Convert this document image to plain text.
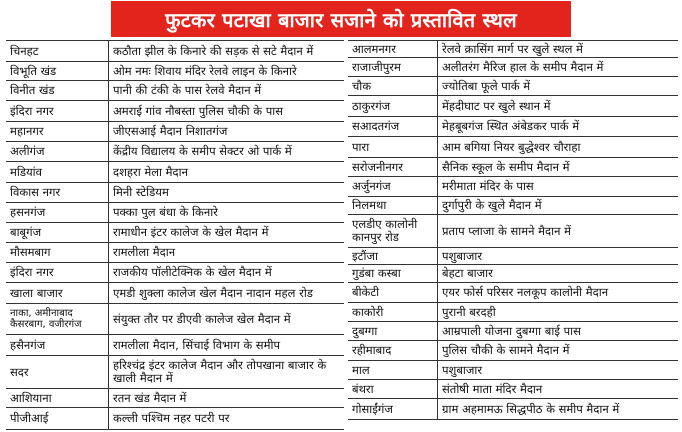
फुटकर पटाखा बाजार सजाने को प्रस्तावित स्थल
चिनहट	कठौता झील के किनारे की सड़क से सटे मैदान में
विभूति खंड	ओम नमः शिवाय मंदिर रेलवे लाइन के किनारे
विनीत खंड	पानी की टंकी के पास रेलवे मैदान में
इंदिरा नगर	अमराई गांव नौबस्ता पुलिस चौकी के पास
महानगर	जीएसआई मैदान निशातगंज
अलीगंज	केंद्रीय विद्यालय के समीप सेक्टर ओ पार्क में
मडियांव	दशहरा मेला मैदान
विकास नगर	मिनी स्टेडियम
हसनगंज	पक्का पुल बंधा के किनारे
बाबूगंज	रामाधीन इंटर कालेज के खेल मैदान में
मौसमबाग	रामलीला मैदान
इंदिरा नगर	राजकीय पॉलीटेक्निक के खेल मैदान में
खाला बाजार	एमडी शुक्ला कालेज खेल मैदान नादान महल रोड
नाका, अमीनाबाद कैसरबाग, वजीरगंज	संयुक्त तौर पर डीएवी कालेज खेल मैदान में
हसैनगंज	रामलीला मैदान, सिंचाई विभाग के समीप
सदर	हरिश्चंद्र इंटर कालेज मैदान और तोपखाना बाजार के खाली मैदान में
आशियाना	रतन खंड मैदान में
पीजीआई	कल्ली पश्चिम नहर पटरी पर
आलमनगर	रेलवे क्रासिंग मार्ग पर खुले स्थल में
राजाजीपुरम	अलीतरंग मैरिज हाल के समीप मैदान में
चौक	ज्योतिबा फूले पार्क में
ठाकुरगंज	मेंहदीघाट पर खुले स्थान में
सआदतगंज	मेहबूबगंज स्थित अंबेडकर पार्क में
पारा	आम बगिया नियर बुद्धेश्वर चौराहा
सरोजनीनगर	सैनिक स्कूल के समीप मैदान में
अर्जुनगंज	मरीमाता मंदिर के पास
निलमथा	दुर्गापुरी के खुले मैदान में
एलडीए कालोनी कानपुर रोड	प्रताप प्लाजा के सामने मैदान में
इटौंजा	पशुबाजार
गुडंबा कस्बा	बेहटा बाजार
बीकेटी	एयर फोर्स परिसर नलकूप कालोनी मैदान
काकोरी	पुरानी बरदही
दुबग्गा	आम्रपाली योजना दुबग्गा बाई पास
रहीमाबाद	पुलिस चौकी के सामने मैदान में
माल	पशुबाजार
बंथरा	संतोषी माता मंदिर मैदान
गोसाईंगंज	ग्राम अहमामऊ सिद्धपीठ के समीप मैदान में
